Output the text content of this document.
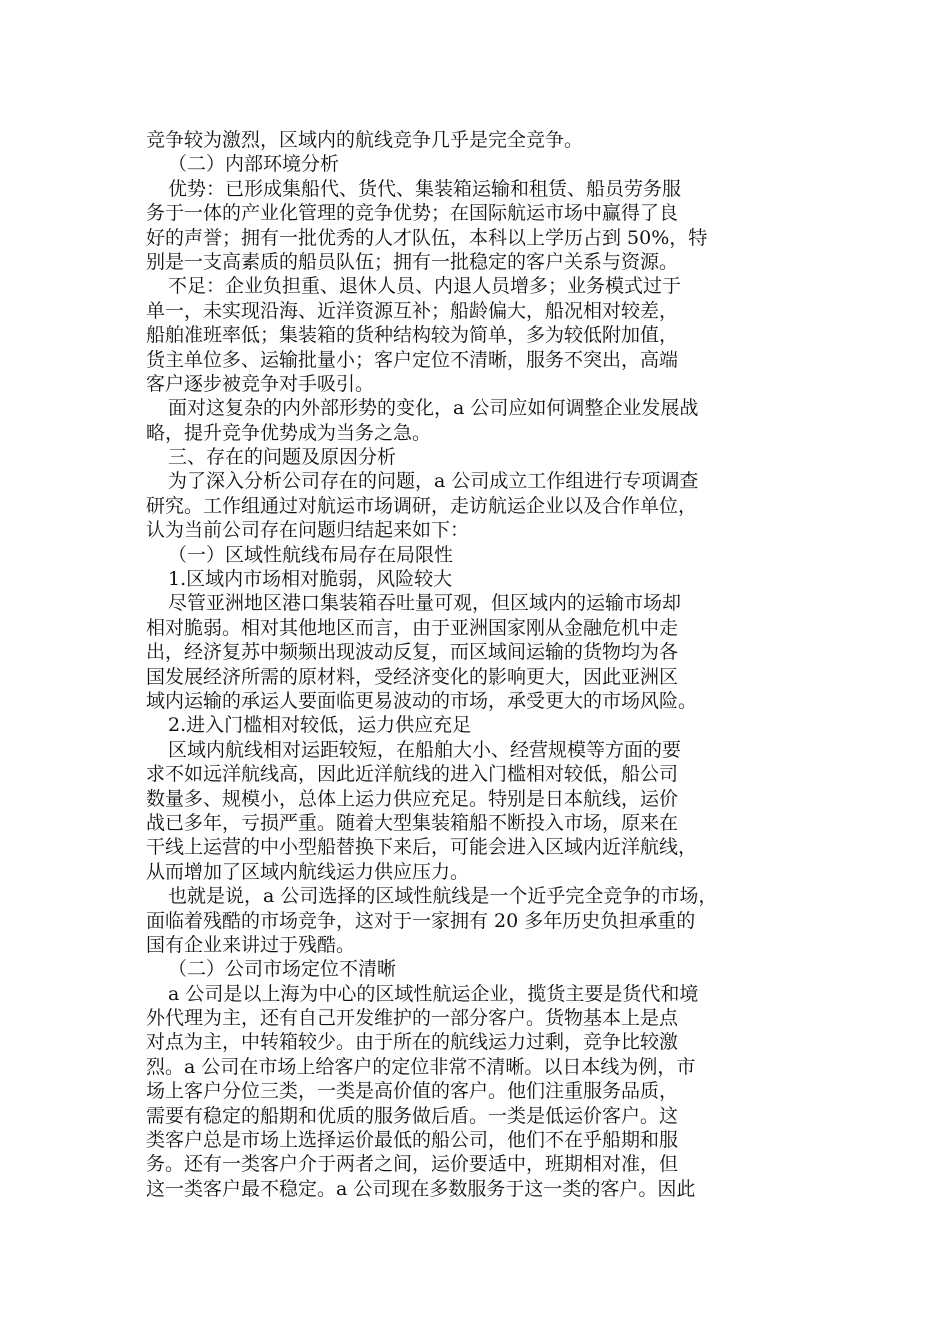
竞争较为激烈，区域内的航线竞争几乎是完全竞争。
（二）内部环境分析
优势：已形成集船代、货代、集装箱运输和租赁、船员劳务服
务于一体的产业化管理的竞争优势；在国际航运市场中赢得了良
好的声誉；拥有一批优秀的人才队伍，本科以上学历占到 50%，特
别是一支高素质的船员队伍；拥有一批稳定的客户关系与资源。
不足：企业负担重、退休人员、内退人员增多；业务模式过于
单一，未实现沿海、近洋资源互补；船龄偏大，船况相对较差，
船舶准班率低；集装箱的货种结构较为简单，多为较低附加值，
货主单位多、运输批量小；客户定位不清晰，服务不突出，高端
客户逐步被竞争对手吸引。
面对这复杂的内外部形势的变化，a 公司应如何调整企业发展战
略，提升竞争优势成为当务之急。
三、存在的问题及原因分析
为了深入分析公司存在的问题，a 公司成立工作组进行专项调查
研究。工作组通过对航运市场调研，走访航运企业以及合作单位，
认为当前公司存在问题归结起来如下：
（一）区域性航线布局存在局限性
1.区域内市场相对脆弱，风险较大
尽管亚洲地区港口集装箱吞吐量可观，但区域内的运输市场却
相对脆弱。相对其他地区而言，由于亚洲国家刚从金融危机中走
出，经济复苏中频频出现波动反复，而区域间运输的货物均为各
国发展经济所需的原材料，受经济变化的影响更大，因此亚洲区
域内运输的承运人要面临更易波动的市场，承受更大的市场风险。
2.进入门槛相对较低，运力供应充足
区域内航线相对运距较短，在船舶大小、经营规模等方面的要
求不如远洋航线高，因此近洋航线的进入门槛相对较低，船公司
数量多、规模小，总体上运力供应充足。特别是日本航线，运价
战已多年，亏损严重。随着大型集装箱船不断投入市场，原来在
干线上运营的中小型船替换下来后，可能会进入区域内近洋航线，
从而增加了区域内航线运力供应压力。
也就是说，a 公司选择的区域性航线是一个近乎完全竞争的市场，
面临着残酷的市场竞争，这对于一家拥有 20 多年历史负担承重的
国有企业来讲过于残酷。
（二）公司市场定位不清晰
a 公司是以上海为中心的区域性航运企业，揽货主要是货代和境
外代理为主，还有自己开发维护的一部分客户。货物基本上是点
对点为主，中转箱较少。由于所在的航线运力过剩，竞争比较激
烈。a 公司在市场上给客户的定位非常不清晰。以日本线为例，市
场上客户分位三类，一类是高价值的客户。他们注重服务品质，
需要有稳定的船期和优质的服务做后盾。一类是低运价客户。这
类客户总是市场上选择运价最低的船公司，他们不在乎船期和服
务。还有一类客户介于两者之间，运价要适中，班期相对准，但
这一类客户最不稳定。a 公司现在多数服务于这一类的客户。因此
